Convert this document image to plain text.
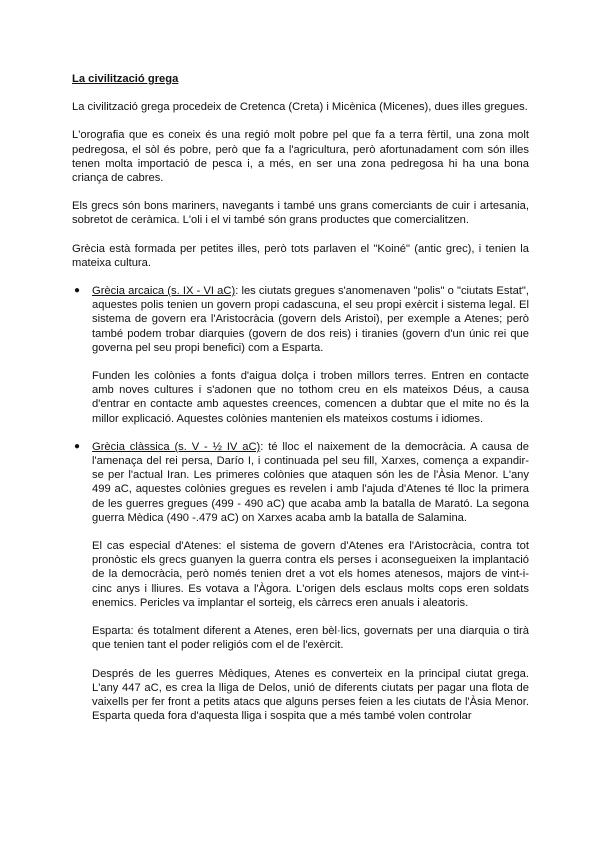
La civilització grega

La civilització grega procedeix de Cretenca (Creta) i Micènica (Micenes), dues illes gregues.

L'orografia que es coneix és una regió molt pobre pel que fa a terra fèrtil, una zona molt pedregosa, el sòl és pobre, però que fa a l'agricultura, però afortunadament com són illes tenen molta importació de pesca i, a més, en ser una zona pedregosa hi ha una bona criança de cabres.

Els grecs són bons mariners, navegants i també uns grans comerciants de cuir i artesania, sobretot de ceràmica. L'oli i el vi també són grans productes que comercialitzen.

Grècia està formada per petites illes, però tots parlaven el "Koiné" (antic grec), i tenien la mateixa cultura.

●	Grècia arcaica (s. IX - VI aC): les ciutats gregues s'anomenaven "polis" o "ciutats Estat", aquestes polis tenien un govern propi cadascuna, el seu propi exèrcit i sistema legal. El sistema de govern era l'Aristocràcia (govern dels Aristoi), per exemple a Atenes; però també podem trobar diarquies (govern de dos reis) i tiranies (govern d'un únic rei que governa pel seu propi benefici) com a Esparta.

Funden les colònies a fonts d'aigua dolça i troben millors terres. Entren en contacte amb noves cultures i s'adonen que no tothom creu en els mateixos Déus, a causa d'entrar en contacte amb aquestes creences, comencen a dubtar que el mite no és la millor explicació. Aquestes colònies mantenien els mateixos costums i idiomes.

●	Grècia clàssica (s. V - ½ IV aC): té lloc el naixement de la democràcia. A causa de l'amenaça del rei persa, Darío I, i continuada pel seu fill, Xarxes, comença a expandir-se per l'actual Iran. Les primeres colònies que ataquen són les de l'Àsia Menor. L'any 499 aC, aquestes colònies gregues es revelen i amb l'ajuda d'Atenes té lloc la primera de les guerres gregues (499 - 490 aC) que acaba amb la batalla de Marató. La segona guerra Mèdica (490 -.479 aC) on Xarxes acaba amb la batalla de Salamina.

El cas especial d'Atenes: el sistema de govern d'Atenes era l'Aristocràcia, contra tot pronòstic els grecs guanyen la guerra contra els perses i aconsegueixen la implantació de la democràcia, però només tenien dret a vot els homes atenesos, majors de vint-i-cinc anys i lliures. Es votava a l'Àgora. L'origen dels esclaus molts cops eren soldats enemics. Pericles va implantar el sorteig, els càrrecs eren anuals i aleatoris.

Esparta: és totalment diferent a Atenes, eren bèl·lics, governats per una diarquia o tirà que tenien tant el poder religiós com el de l'exèrcit.

Després de les guerres Mèdiques, Atenes es converteix en la principal ciutat grega. L'any 447 aC, es crea la lliga de Delos, unió de diferents ciutats per pagar una flota de vaixells per fer front a petits atacs que alguns perses feien a les ciutats de l'Àsia Menor. Esparta queda fora d'aquesta lliga i sospita que a més també volen controlar
